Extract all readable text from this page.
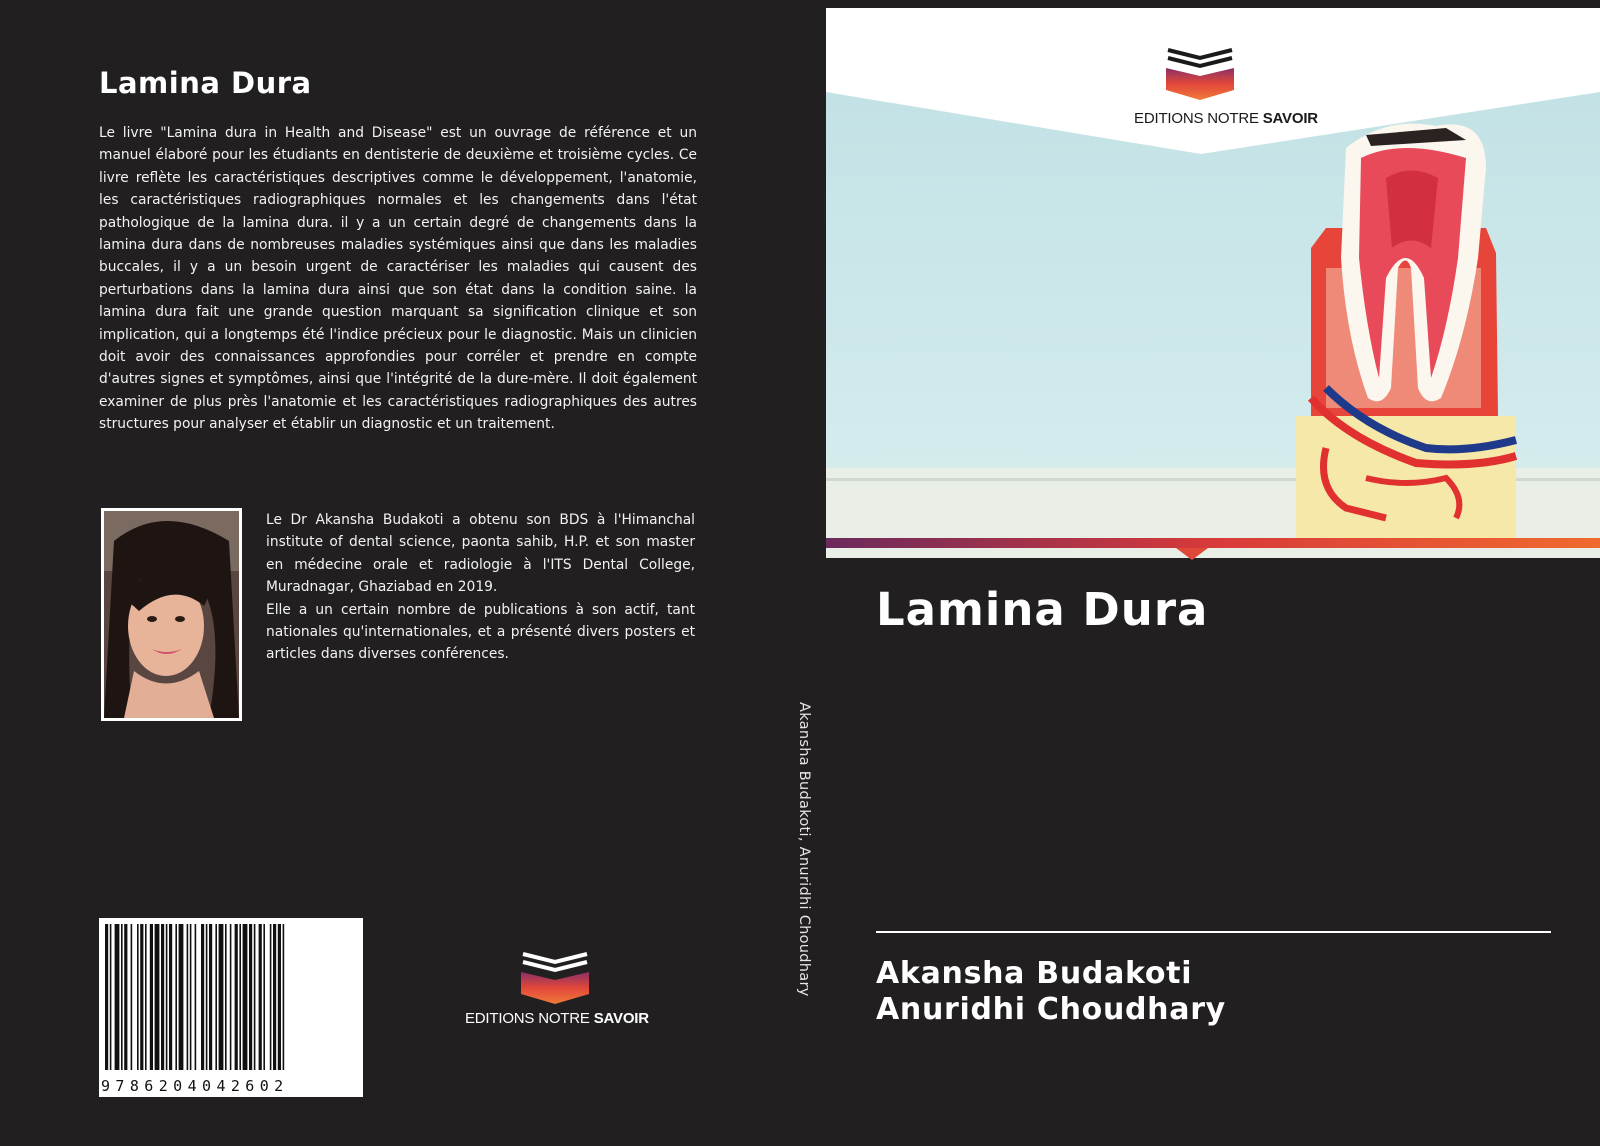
Lamina Dura
Le livre "Lamina dura in Health and Disease" est un ouvrage de référence et un manuel élaboré pour les étudiants en dentisterie de deuxième et troisième cycles. Ce livre reflète les caractéristiques descriptives comme le développement, l'anatomie, les caractéristiques radiographiques normales et les changements dans l'état pathologique de la lamina dura. il y a un certain degré de changements dans la lamina dura dans de nombreuses maladies systémiques ainsi que dans les maladies buccales, il y a un besoin urgent de caractériser les maladies qui causent des perturbations dans la lamina dura ainsi que son état dans la condition saine. la lamina dura fait une grande question marquant sa signification clinique et son implication, qui a longtemps été l'indice précieux pour le diagnostic. Mais un clinicien doit avoir des connaissances approfondies pour corréler et prendre en compte d'autres signes et symptômes, ainsi que l'intégrité de la dure-mère. Il doit également examiner de plus près l'anatomie et les caractéristiques radiographiques des autres structures pour analyser et établir un diagnostic et un traitement.

Le Dr Akansha Budakoti a obtenu son BDS à l'Himanchal institute of dental science, paonta sahib, H.P. et son master en médecine orale et radiologie à l'ITS Dental College, Muradnagar, Ghaziabad en 2019.

Elle a un certain nombre de publications à son actif, tant nationales qu'internationales, et a présenté divers posters et articles dans diverses conférences.

9786204042602
EDITIONS NOTRE SAVOIR
Akansha Budakoti, Anuridhi Choudhary
EDITIONS NOTRE SAVOIR
Lamina Dura
Akansha Budakoti
Anuridhi Choudhary
